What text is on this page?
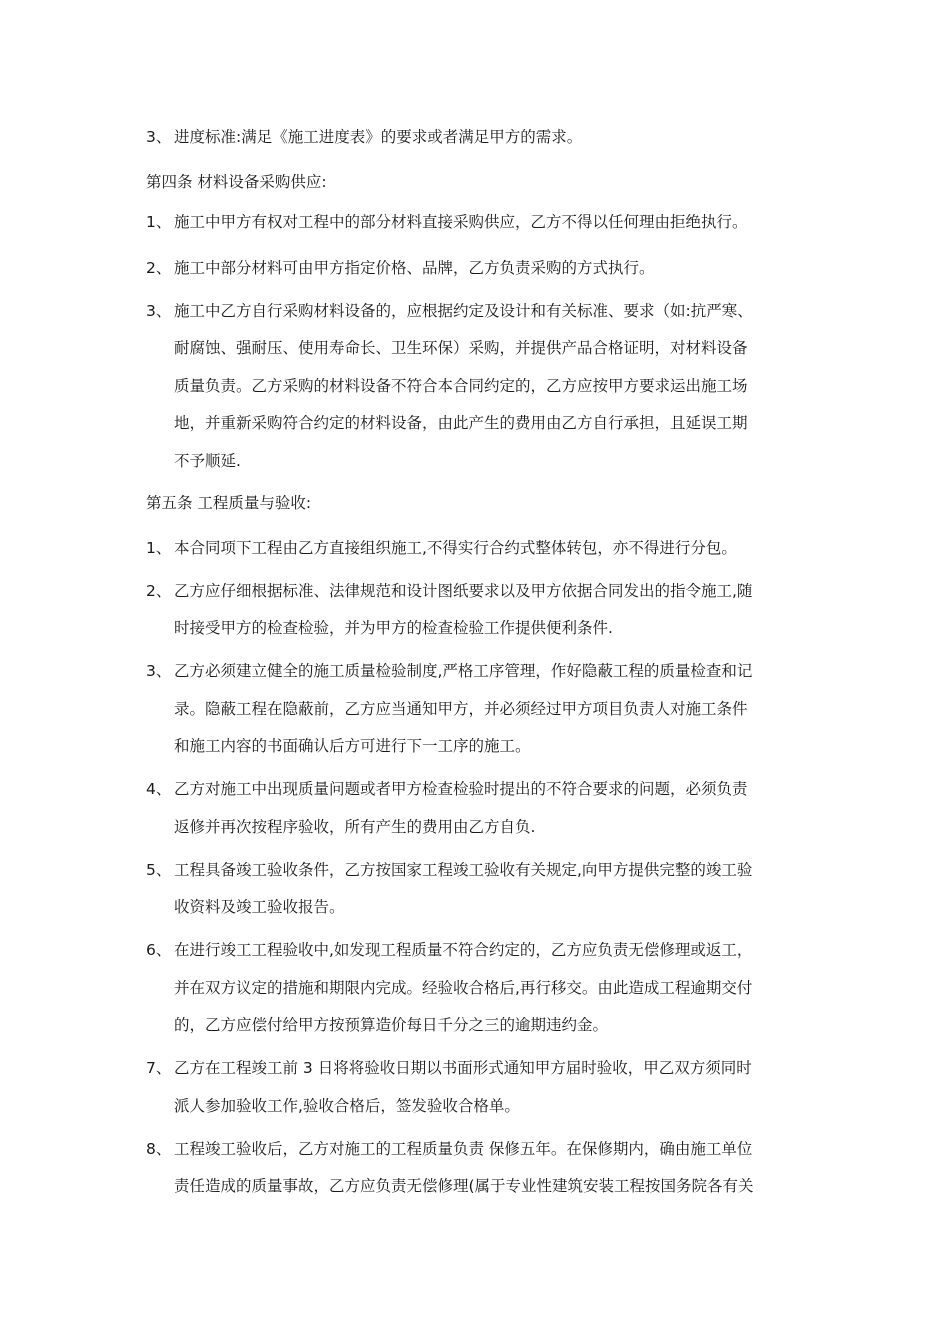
3、 进度标准:满足《施工进度表》的要求或者满足甲方的需求。
第四条 材料设备采购供应:
1、 施工中甲方有权对工程中的部分材料直接采购供应，乙方不得以任何理由拒绝执行。
2、 施工中部分材料可由甲方指定价格、品牌，乙方负责采购的方式执行。
3、 施工中乙方自行采购材料设备的，应根据约定及设计和有关标准、要求（如:抗严寒、
耐腐蚀、强耐压、使用寿命长、卫生环保）采购，并提供产品合格证明，对材料设备
质量负责。乙方采购的材料设备不符合本合同约定的，乙方应按甲方要求运出施工场
地，并重新采购符合约定的材料设备，由此产生的费用由乙方自行承担，且延误工期
不予顺延.
第五条 工程质量与验收:
1、 本合同项下工程由乙方直接组织施工,不得实行合约式整体转包，亦不得进行分包。
2、 乙方应仔细根据标准、法律规范和设计图纸要求以及甲方依据合同发出的指令施工,随
时接受甲方的检查检验，并为甲方的检查检验工作提供便利条件.
3、 乙方必须建立健全的施工质量检验制度,严格工序管理，作好隐蔽工程的质量检查和记
录。隐蔽工程在隐蔽前，乙方应当通知甲方，并必须经过甲方项目负责人对施工条件
和施工内容的书面确认后方可进行下一工序的施工。
4、 乙方对施工中出现质量问题或者甲方检查检验时提出的不符合要求的问题，必须负责
返修并再次按程序验收，所有产生的费用由乙方自负.
5、 工程具备竣工验收条件，乙方按国家工程竣工验收有关规定,向甲方提供完整的竣工验
收资料及竣工验收报告。
6、 在进行竣工工程验收中,如发现工程质量不符合约定的，乙方应负责无偿修理或返工，
并在双方议定的措施和期限内完成。经验收合格后,再行移交。由此造成工程逾期交付
的，乙方应偿付给甲方按预算造价每日千分之三的逾期违约金。
7、 乙方在工程竣工前 3 日将将验收日期以书面形式通知甲方届时验收，甲乙双方须同时
派人参加验收工作,验收合格后，签发验收合格单。
8、 工程竣工验收后，乙方对施工的工程质量负责 保修五年。在保修期内，确由施工单位
责任造成的质量事故，乙方应负责无偿修理(属于专业性建筑安装工程按国务院各有关
